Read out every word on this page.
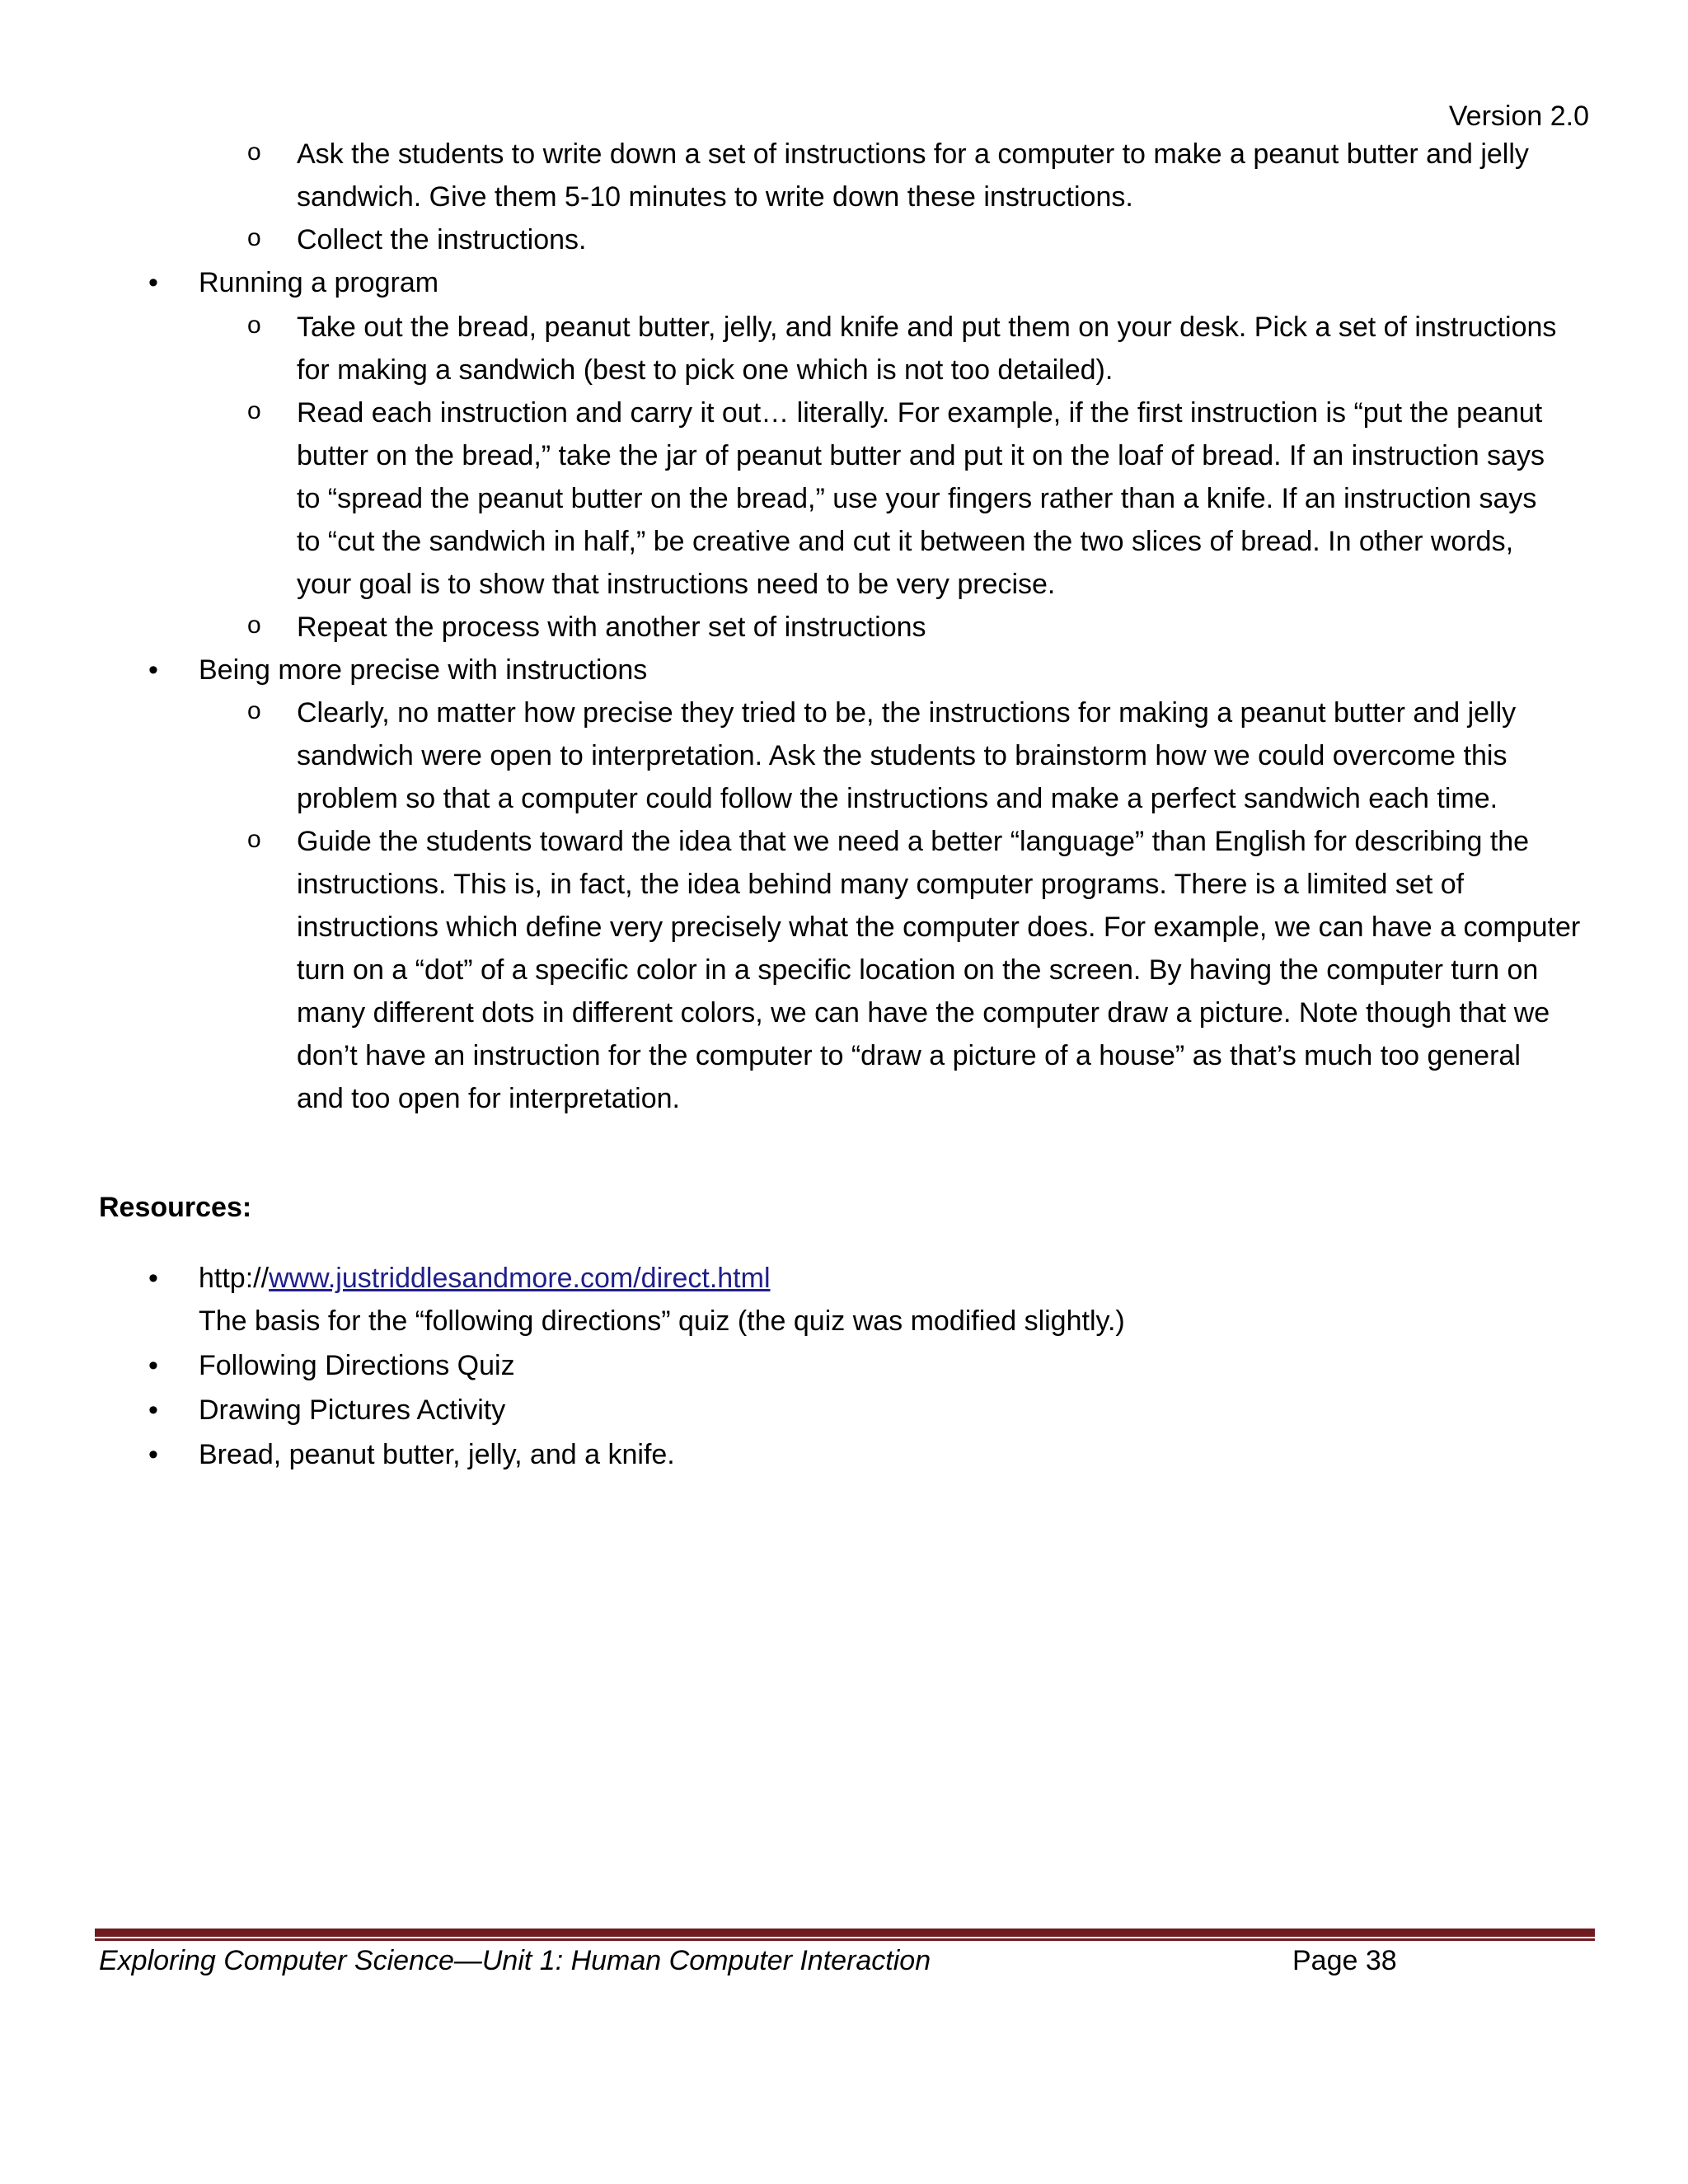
Version 2.0
o Ask the students to write down a set of instructions for a computer to make a peanut butter and jelly
sandwich. Give them 5-10 minutes to write down these instructions.
o Collect the instructions.
• Running a program
o Take out the bread, peanut butter, jelly, and knife and put them on your desk. Pick a set of instructions
for making a sandwich (best to pick one which is not too detailed).
o Read each instruction and carry it out… literally. For example, if the first instruction is “put the peanut
butter on the bread,” take the jar of peanut butter and put it on the loaf of bread. If an instruction says
to “spread the peanut butter on the bread,” use your fingers rather than a knife. If an instruction says
to “cut the sandwich in half,” be creative and cut it between the two slices of bread. In other words,
your goal is to show that instructions need to be very precise.
o Repeat the process with another set of instructions
• Being more precise with instructions
o Clearly, no matter how precise they tried to be, the instructions for making a peanut butter and jelly
sandwich were open to interpretation. Ask the students to brainstorm how we could overcome this
problem so that a computer could follow the instructions and make a perfect sandwich each time.
o Guide the students toward the idea that we need a better “language” than English for describing the
instructions. This is, in fact, the idea behind many computer programs. There is a limited set of
instructions which define very precisely what the computer does. For example, we can have a computer
turn on a “dot” of a specific color in a specific location on the screen. By having the computer turn on
many different dots in different colors, we can have the computer draw a picture. Note though that we
don’t have an instruction for the computer to “draw a picture of a house” as that’s much too general
and too open for interpretation.
Resources:
• http://www.justriddlesandmore.com/direct.html
The basis for the “following directions” quiz (the quiz was modified slightly.)
• Following Directions Quiz
• Drawing Pictures Activity
• Bread, peanut butter, jelly, and a knife.
Exploring Computer Science—Unit 1: Human Computer Interaction	Page 38
